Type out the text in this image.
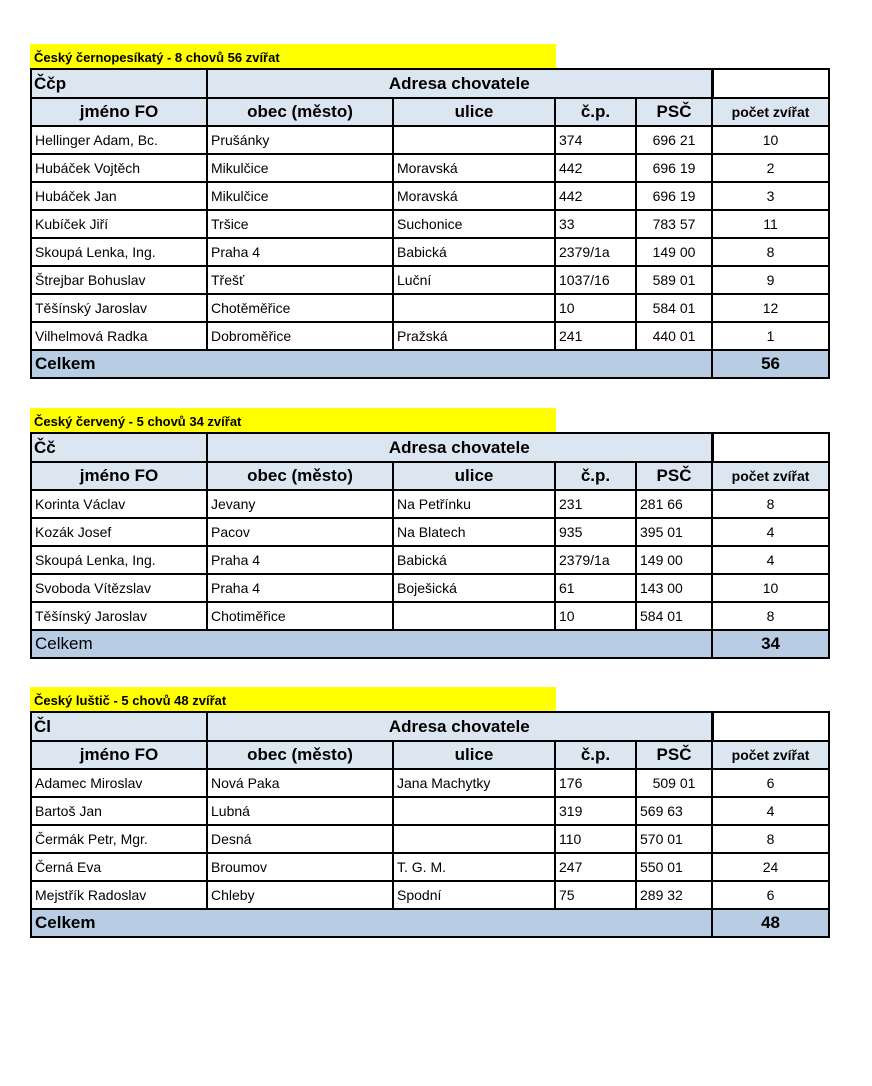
Český černopesíkatý - 8 chovů 56 zvířat
Ččp	Adresa chovatele				
jméno FO	obec (město)	ulice	č.p.	PSČ	počet zvířat
Hellinger Adam, Bc.	Prušánky		374	696 21	10
Hubáček Vojtěch	Mikulčice	Moravská	442	696 19	2
Hubáček Jan	Mikulčice	Moravská	442	696 19	3
Kubíček Jiří	Tršice	Suchonice	33	783 57	11
Skoupá Lenka, Ing.	Praha 4	Babická	2379/1a	149 00	8
Štrejbar Bohuslav	Třešť	Luční	1037/16	589 01	9
Těšínský Jaroslav	Chotěměřice		10	584 01	12
Vilhelmová Radka	Dobroměřice	Pražská	241	440 01	1
Celkem					56
Český červený - 5 chovů 34 zvířat
Čč	Adresa chovatele				
jméno FO	obec (město)	ulice	č.p.	PSČ	počet zvířat
Korinta Václav	Jevany	Na Petřínku	231	281 66	8
Kozák Josef	Pacov	Na Blatech	935	395 01	4
Skoupá Lenka, Ing.	Praha 4	Babická	2379/1a	149 00	4
Svoboda Vítězslav	Praha 4	Boješická	61	143 00	10
Těšínský Jaroslav	Chotiměřice		10	584 01	8
Celkem					34
Český luštič - 5 chovů 48 zvířat
Čl	Adresa chovatele				
jméno FO	obec (město)	ulice	č.p.	PSČ	počet zvířat
Adamec Miroslav	Nová Paka	Jana Machytky	176	509 01	6
Bartoš Jan	Lubná		319	569 63	4
Čermák Petr, Mgr.	Desná		110	570 01	8
Černá Eva	Broumov	T. G. M.	247	550 01	24
Mejstřík Radoslav	Chleby	Spodní	75	289 32	6
Celkem					48
